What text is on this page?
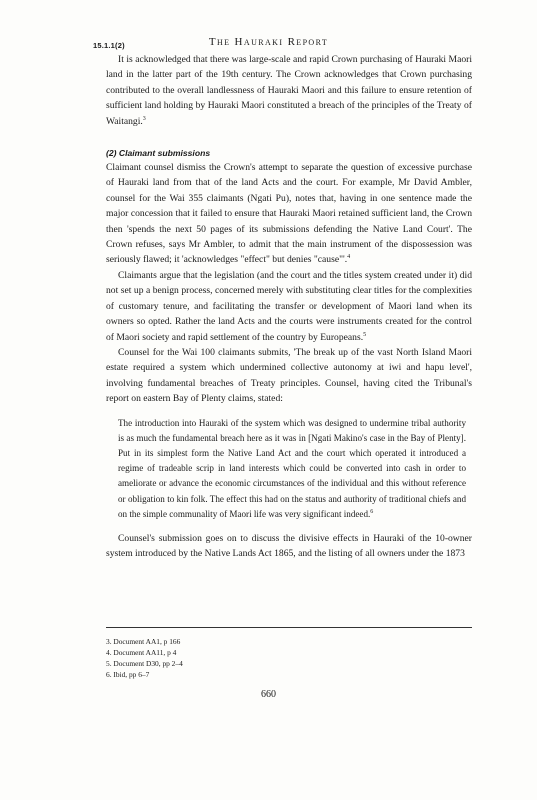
15.1.1(2)	The Hauraki Report

It is acknowledged that there was large-scale and rapid Crown purchasing of Hauraki Maori land in the latter part of the 19th century. The Crown acknowledges that Crown purchasing contributed to the overall landlessness of Hauraki Maori and this failure to ensure retention of sufficient land holding by Hauraki Maori constituted a breach of the principles of the Treaty of Waitangi.$^3$

(2) Claimant submissions

Claimant counsel dismiss the Crown's attempt to separate the question of excessive purchase of Hauraki land from that of the land Acts and the court. For example, Mr David Ambler, counsel for the Wai 355 claimants (Ngati Pu), notes that, having in one sentence made the major concession that it failed to ensure that Hauraki Maori retained sufficient land, the Crown then 'spends the next 50 pages of its submissions defending the Native Land Court'. The Crown refuses, says Mr Ambler, to admit that the main instrument of the dispossession was seriously flawed; it 'acknowledges "effect" but denies "cause"'.$^4$

Claimants argue that the legislation (and the court and the titles system created under it) did not set up a benign process, concerned merely with substituting clear titles for the complexities of customary tenure, and facilitating the transfer or development of Maori land when its owners so opted. Rather the land Acts and the courts were instruments created for the control of Maori society and rapid settlement of the country by Europeans.$^5$

Counsel for the Wai 100 claimants submits, 'The break up of the vast North Island Maori estate required a system which undermined collective autonomy at iwi and hapu level', involving fundamental breaches of Treaty principles. Counsel, having cited the Tribunal's report on eastern Bay of Plenty claims, stated:

The introduction into Hauraki of the system which was designed to undermine tribal authority is as much the fundamental breach here as it was in [Ngati Makino's case in the Bay of Plenty]. Put in its simplest form the Native Land Act and the court which operated it introduced a regime of tradeable scrip in land interests which could be converted into cash in order to ameliorate or advance the economic circumstances of the individual and this without reference or obligation to kin folk. The effect this had on the status and authority of traditional chiefs and on the simple communality of Maori life was very significant indeed.$^6$

Counsel's submission goes on to discuss the divisive effects in Hauraki of the 10-owner system introduced by the Native Lands Act 1865, and the listing of all owners under the 1873

3. Document AA1, p 166
4. Document AA11, p 4
5. Document D30, pp 2–4
6. Ibid, pp 6–7
660
